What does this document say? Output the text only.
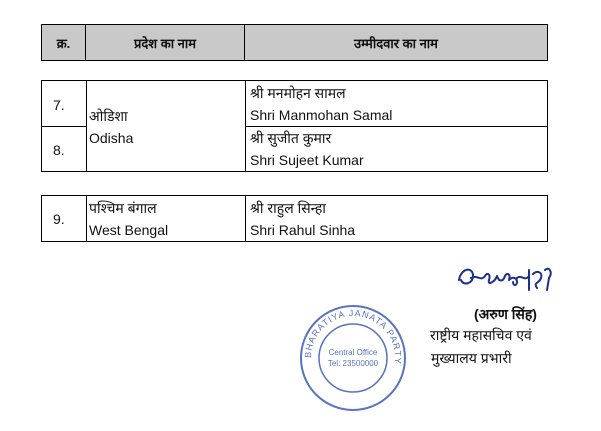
क्र.	प्रदेश का नाम	उम्मीदवार का नाम
7.
8.
ओडिशा
Odisha
श्री मनमोहन सामल
Shri Manmohan Samal
श्री सुजीत कुमार
Shri Sujeet Kumar
9.
पश्चिम बंगाल
West Bengal
श्री राहुल सिन्हा
Shri Rahul Sinha
(अरुण सिंह)
राष्ट्रीय महासचिव एवं
मुख्यालय प्रभारी
BHARATIYA JANATA PARTY
Central Office
Tel: 23500000
